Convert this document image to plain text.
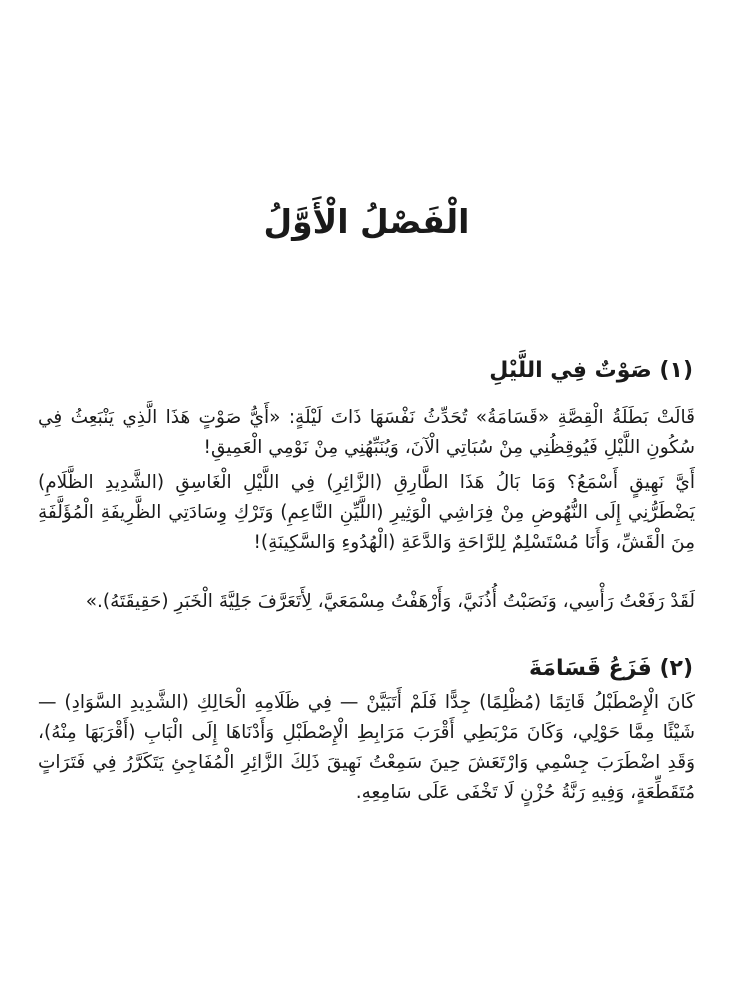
الْفَصْلُ الْأَوَّلُ
(١) صَوْتٌ فِي اللَّيْلِ

قَالَتْ بَطَلَةُ الْقِصَّةِ «قَسَامَةُ» تُحَدِّثُ نَفْسَهَا ذَاتَ لَيْلَةٍ: «أَيُّ صَوْتٍ هَذَا الَّذِي يَنْبَعِثُ فِي سُكُونِ اللَّيْلِ فَيُوقِظُنِي مِنْ سُبَاتِي الْآنَ، وَيُنَبِّهُنِي مِنْ نَوْمِي الْعَمِيقِ!

أَيَّ نَهِيقٍ أَسْمَعُ؟ وَمَا بَالُ هَذَا الطَّارِقِ (الزَّائِرِ) فِي اللَّيْلِ الْغَاسِقِ (الشَّدِيدِ الظَّلَامِ) يَضْطَرُّنِي إِلَى النُّهُوضِ مِنْ فِرَاشِي الْوَثِيرِ (اللَّيِّنِ النَّاعِمِ) وَتَرْكِ وِسَادَتِي الظَّرِيفَةِ الْمُؤَلَّفَةِ مِنَ الْقَشِّ، وَأَنَا مُسْتَسْلِمٌ لِلرَّاحَةِ وَالدَّعَةِ (الْهُدُوءِ وَالسَّكِينَةِ)!

لَقَدْ رَفَعْتُ رَأْسِي، وَنَصَبْتُ أُذُنَيَّ، وَأَرْهَفْتُ مِسْمَعَيَّ، لِأَتَعَرَّفَ جَلِيَّةَ الْخَبَرِ (حَقِيقَتَهُ).»

(٢) فَزَعُ قَسَامَةَ

كَانَ الْإِصْطَبْلُ قَاتِمًا (مُظْلِمًا) جِدًّا فَلَمْ أَتَبَيَّنْ — فِي ظَلَامِهِ الْحَالِكِ (الشَّدِيدِ السَّوَادِ) — شَيْئًا مِمَّا حَوْلِي، وَكَانَ مَرْبَطِي أَقْرَبَ مَرَابِطِ الْإِصْطَبْلِ وَأَدْنَاهَا إِلَى الْبَابِ (أَقْرَبَهَا مِنْهُ)، وَقَدِ اضْطَرَبَ جِسْمِي وَارْتَعَشَ حِينَ سَمِعْتُ نَهِيقَ ذَلِكَ الزَّائِرِ الْمُفَاجِئِ يَتَكَرَّرُ فِي فَتَرَاتٍ مُتَقَطِّعَةٍ، وَفِيهِ رَنَّةُ حُزْنٍ لَا تَخْفَى عَلَى سَامِعِهِ.
